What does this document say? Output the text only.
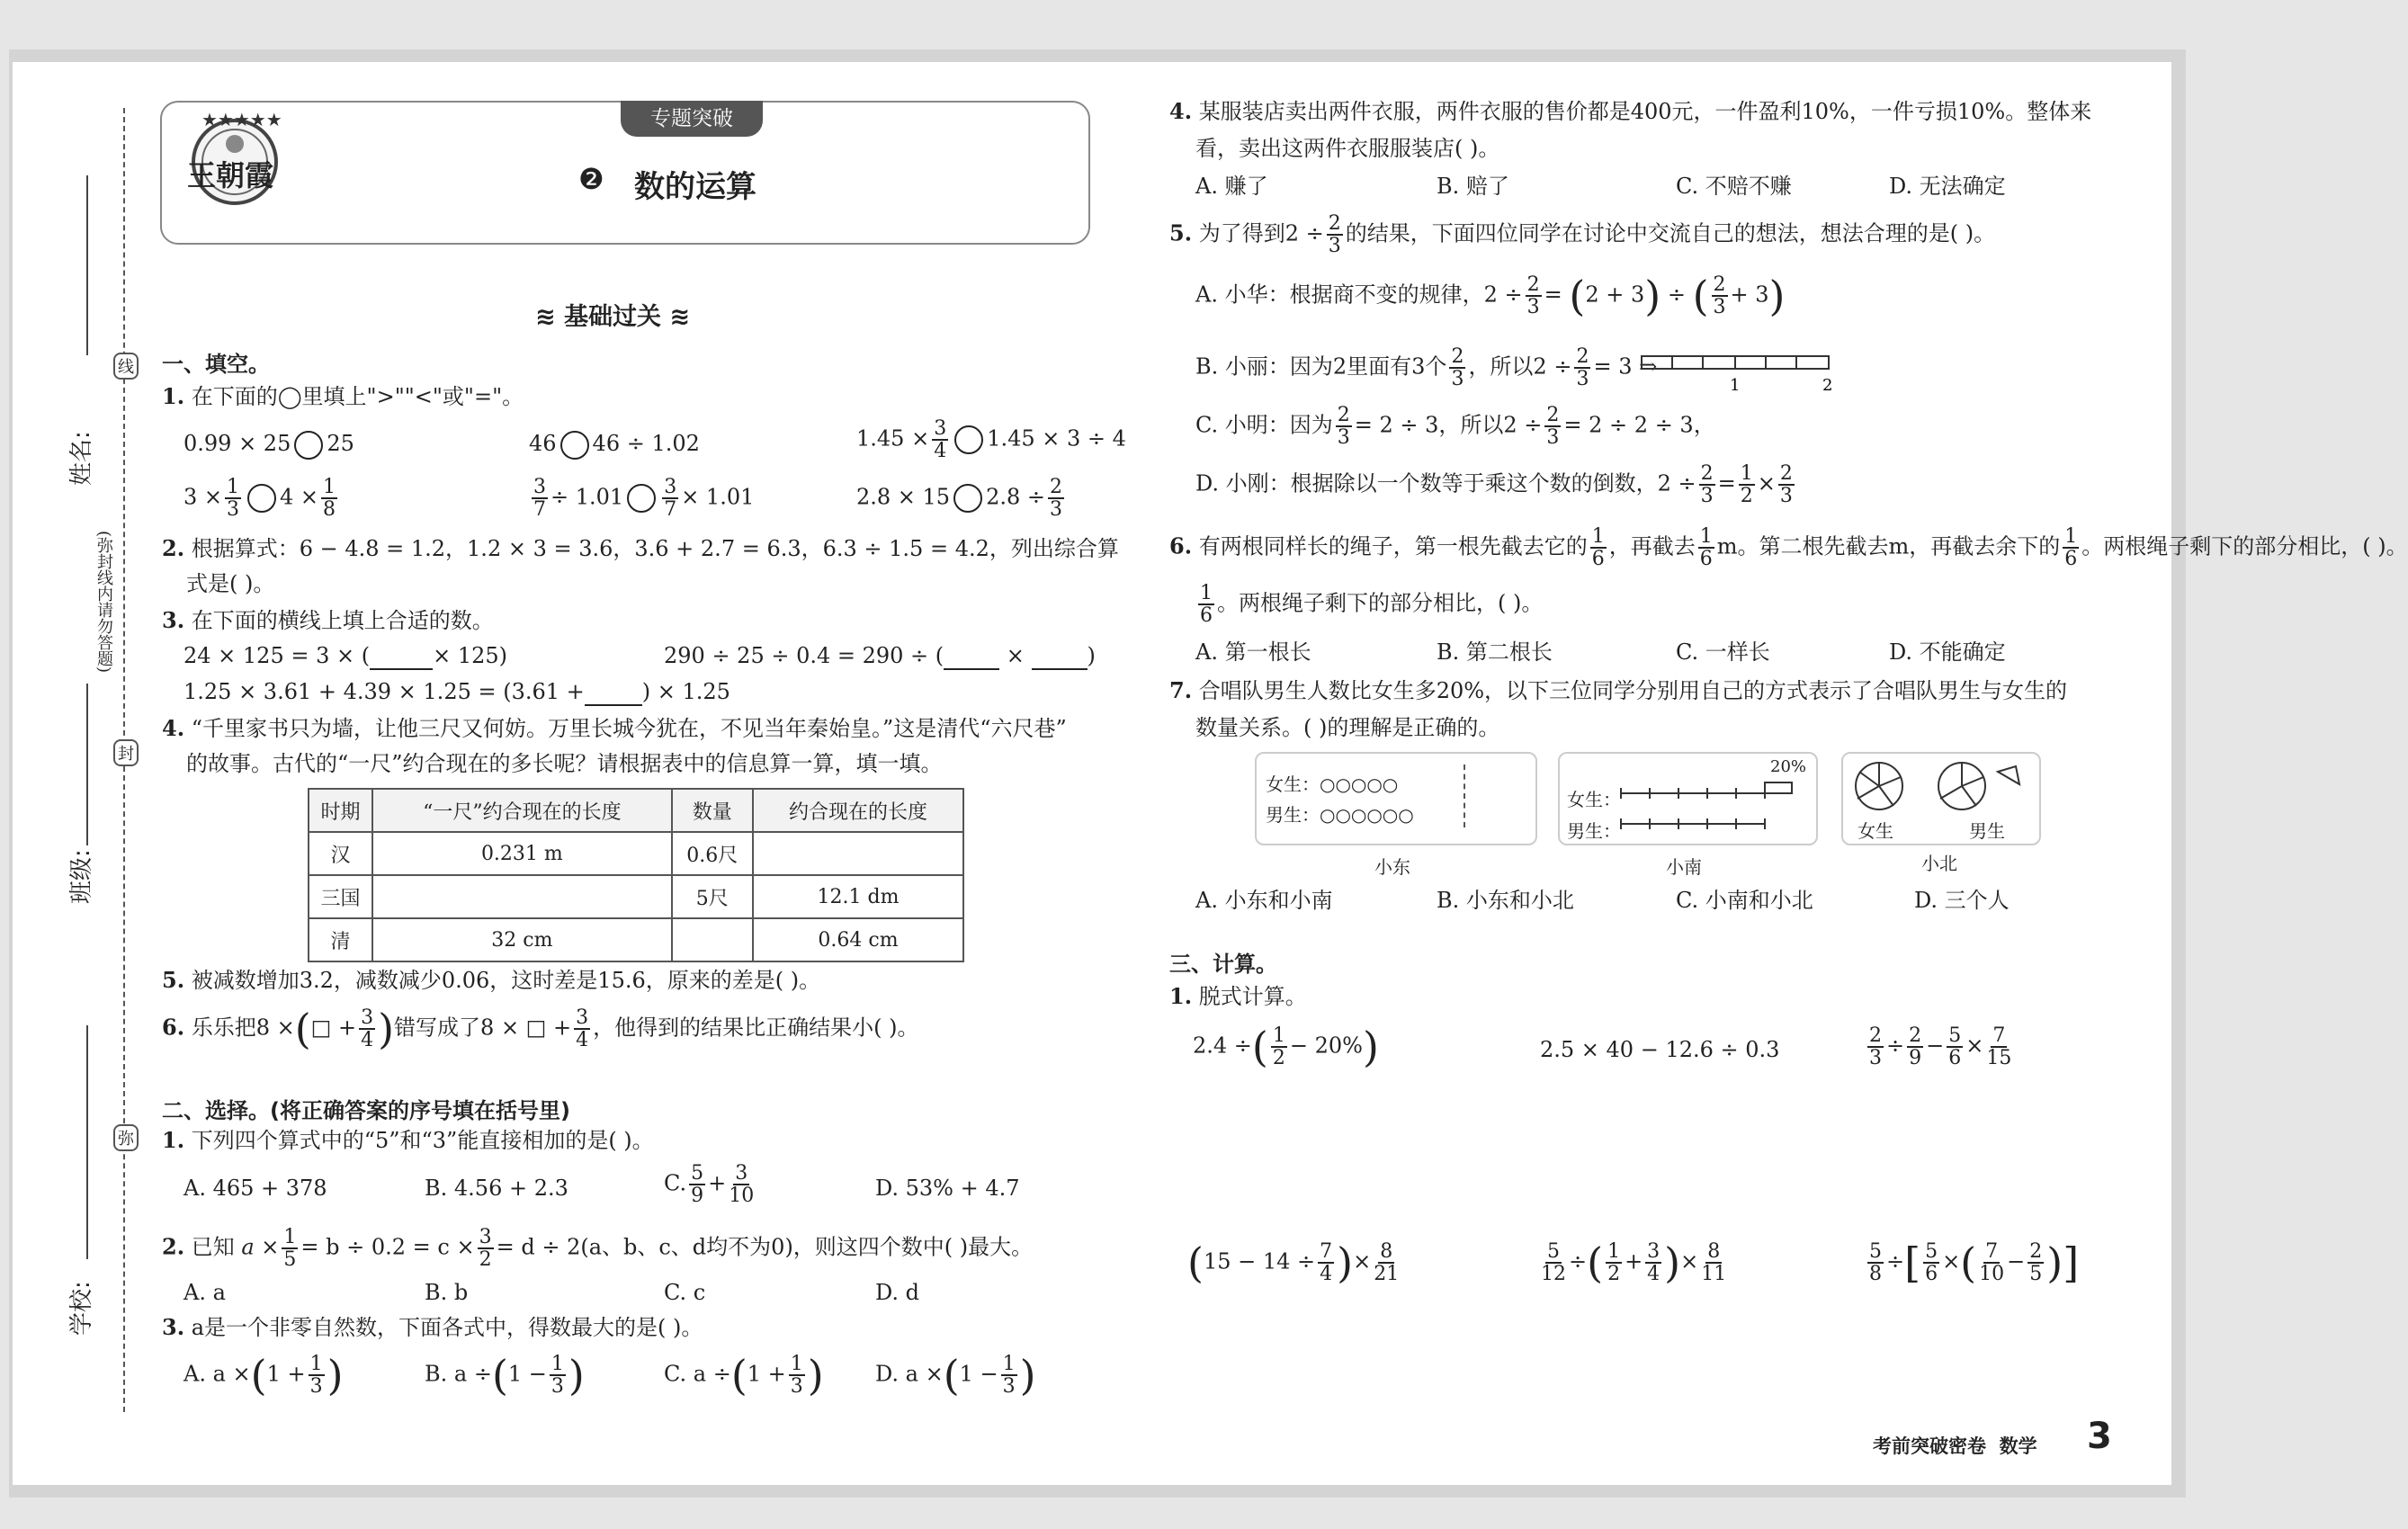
姓名:
班级:
学校:
线
(弥封线内请勿答题)
封
弥
★★★★★
王朝霞
专题突破
❷ 数的运算
≋ 基础过关 ≋
一、填空。
1. 在下面的◯里填上">""<"或"="。
0.99 × 25 25	46 46 ÷ 1.02	$1.45 \times \frac{3}{4} 1.45 \times 3 \div 4$
$3 \times \frac{1}{3} 4 \times \frac{1}{8}$	$\frac{3}{7} \div 1.01 \frac{3}{7} \times 1.01$	2.8 × 15 $2.8 \div \frac{2}{3}$
2. 根据算式：6 − 4.8 = 1.2，1.2 × 3 = 3.6，3.6 + 2.7 = 6.3，6.3 ÷ 1.5 = 4.2，列出综合算
式是( )。
3. 在下面的横线上填上合适的数。
24 × 125 = 3 × (	× 125)	290 ÷ 25 ÷ 0.4 = 290 ÷ (	×	)
1.25 × 3.61 + 4.39 × 1.25 = (3.61 +	) × 1.25
4. “千里家书只为墙，让他三尺又何妨。万里长城今犹在，不见当年秦始皇。”这是清代“六尺巷”
的故事。古代的“一尺”约合现在的多长呢？请根据表中的信息算一算，填一填。
时期	“一尺”约合现在的长度	数量	约合现在的长度
汉	0.231 m	0.6尺	
三国		5尺	12.1 dm
清	32 cm		0.64 cm
5. 被减数增加3.2，减数减少0.06，这时差是15.6，原来的差是( )。
6. 乐乐把8 ×(□ + $\frac{3}{4}$ )错写成了8 × □ + $\frac{3}{4}$ ，他得到的结果比正确结果小( )。
二、选择。(将正确答案的序号填在括号里)
1. 下列四个算式中的“5”和“3”能直接相加的是( )。
A. 465 + 378	B. 4.56 + 2.3	C. $\frac{5}{9} + \frac{3}{10}$	D. 53% + 4.7
2. 已知 $a \times \frac{1}{5} = b \div 0.2 = c \times \frac{3}{2} = d \div 2(a$、b、c、d均不为0)，则这四个数中( )最大。
A. a	B. b	C. c	D. d
3. a是一个非零自然数，下面各式中，得数最大的是( )。
A. $a \times(1 + \frac{1}{3}$ )	B. $a \div(1 - \frac{1}{3}$ )	C. $a \div(1 + \frac{1}{3}$ ) D. $a \times(1 - \frac{1}{3}$ )
4. 某服装店卖出两件衣服，两件衣服的售价都是400元，一件盈利10%，一件亏损10%。整体来
看，卖出这两件衣服服装店( )。
A. 赚了	B. 赔了	C. 不赔不赚	D. 无法确定
5. 为了得到$2 \div \frac{2}{3}$ 的结果，下面四位同学在讨论中交流自己的想法，想法合理的是( )。
A. 小华：根据商不变的规律，$2 \div \frac{2}{3} = (2 + 3)$ ÷ ( $\frac{2}{3} + 3$)
B. 小丽：因为2里面有3个 $\frac{2}{3}$ ，所以$2 \div \frac{2}{3} = 3$ ⇒
1	2
C. 小明：因为 $\frac{2}{3} = 2 \div 3$，所以$2 \div \frac{2}{3} = 2 \div 2 \div 3$，
D. 小刚：根据除以一个数等于乘这个数的倒数，$2 \div \frac{2}{3} = \frac{1}{2} \times \frac{2}{3}$
6. 有两根同样长的绳子，第一根先截去它的 $\frac{1}{6}$ ，再截去 $\frac{1}{6}$ m。第二根先截去m，再截去余下的 $\frac{1}{6}$ 。两根绳子剩下的部分相比，( )。
$\frac{1}{6}$ 。两根绳子剩下的部分相比，( )。
A. 第一根长	B. 第二根长	C. 一样长	D. 不能确定
7. 合唱队男生人数比女生多20%，以下三位同学分别用自己的方式表示了合唱队男生与女生的
数量关系。( )的理解是正确的。
女生：○○○○○
男生：○○○○○○
小东
女生：
男生：
20%
小南
女生	男生
小北
A. 小东和小南	B. 小东和小北	C. 小南和小北	D. 三个人
三、计算。
1. 脱式计算。
2.4 ÷( $\frac{1}{2} - 20\%$)	2.5 × 40 − 12.6 ÷ 0.3	$\frac{2}{3} \div \frac{2}{9} - \frac{5}{6} \times \frac{7}{15}$
($15 - 14 \div \frac{7}{4}$ )× $\frac{8}{21}$	$\frac{5}{12}$ ÷( $\frac{1}{2} + \frac{3}{4}$ )× $\frac{8}{11}$	$\frac{5}{8}$ ÷[ $\frac{5}{6}$ ×( $\frac{7}{10} - \frac{2}{5}$ )]
考前突破密卷  数学 3
